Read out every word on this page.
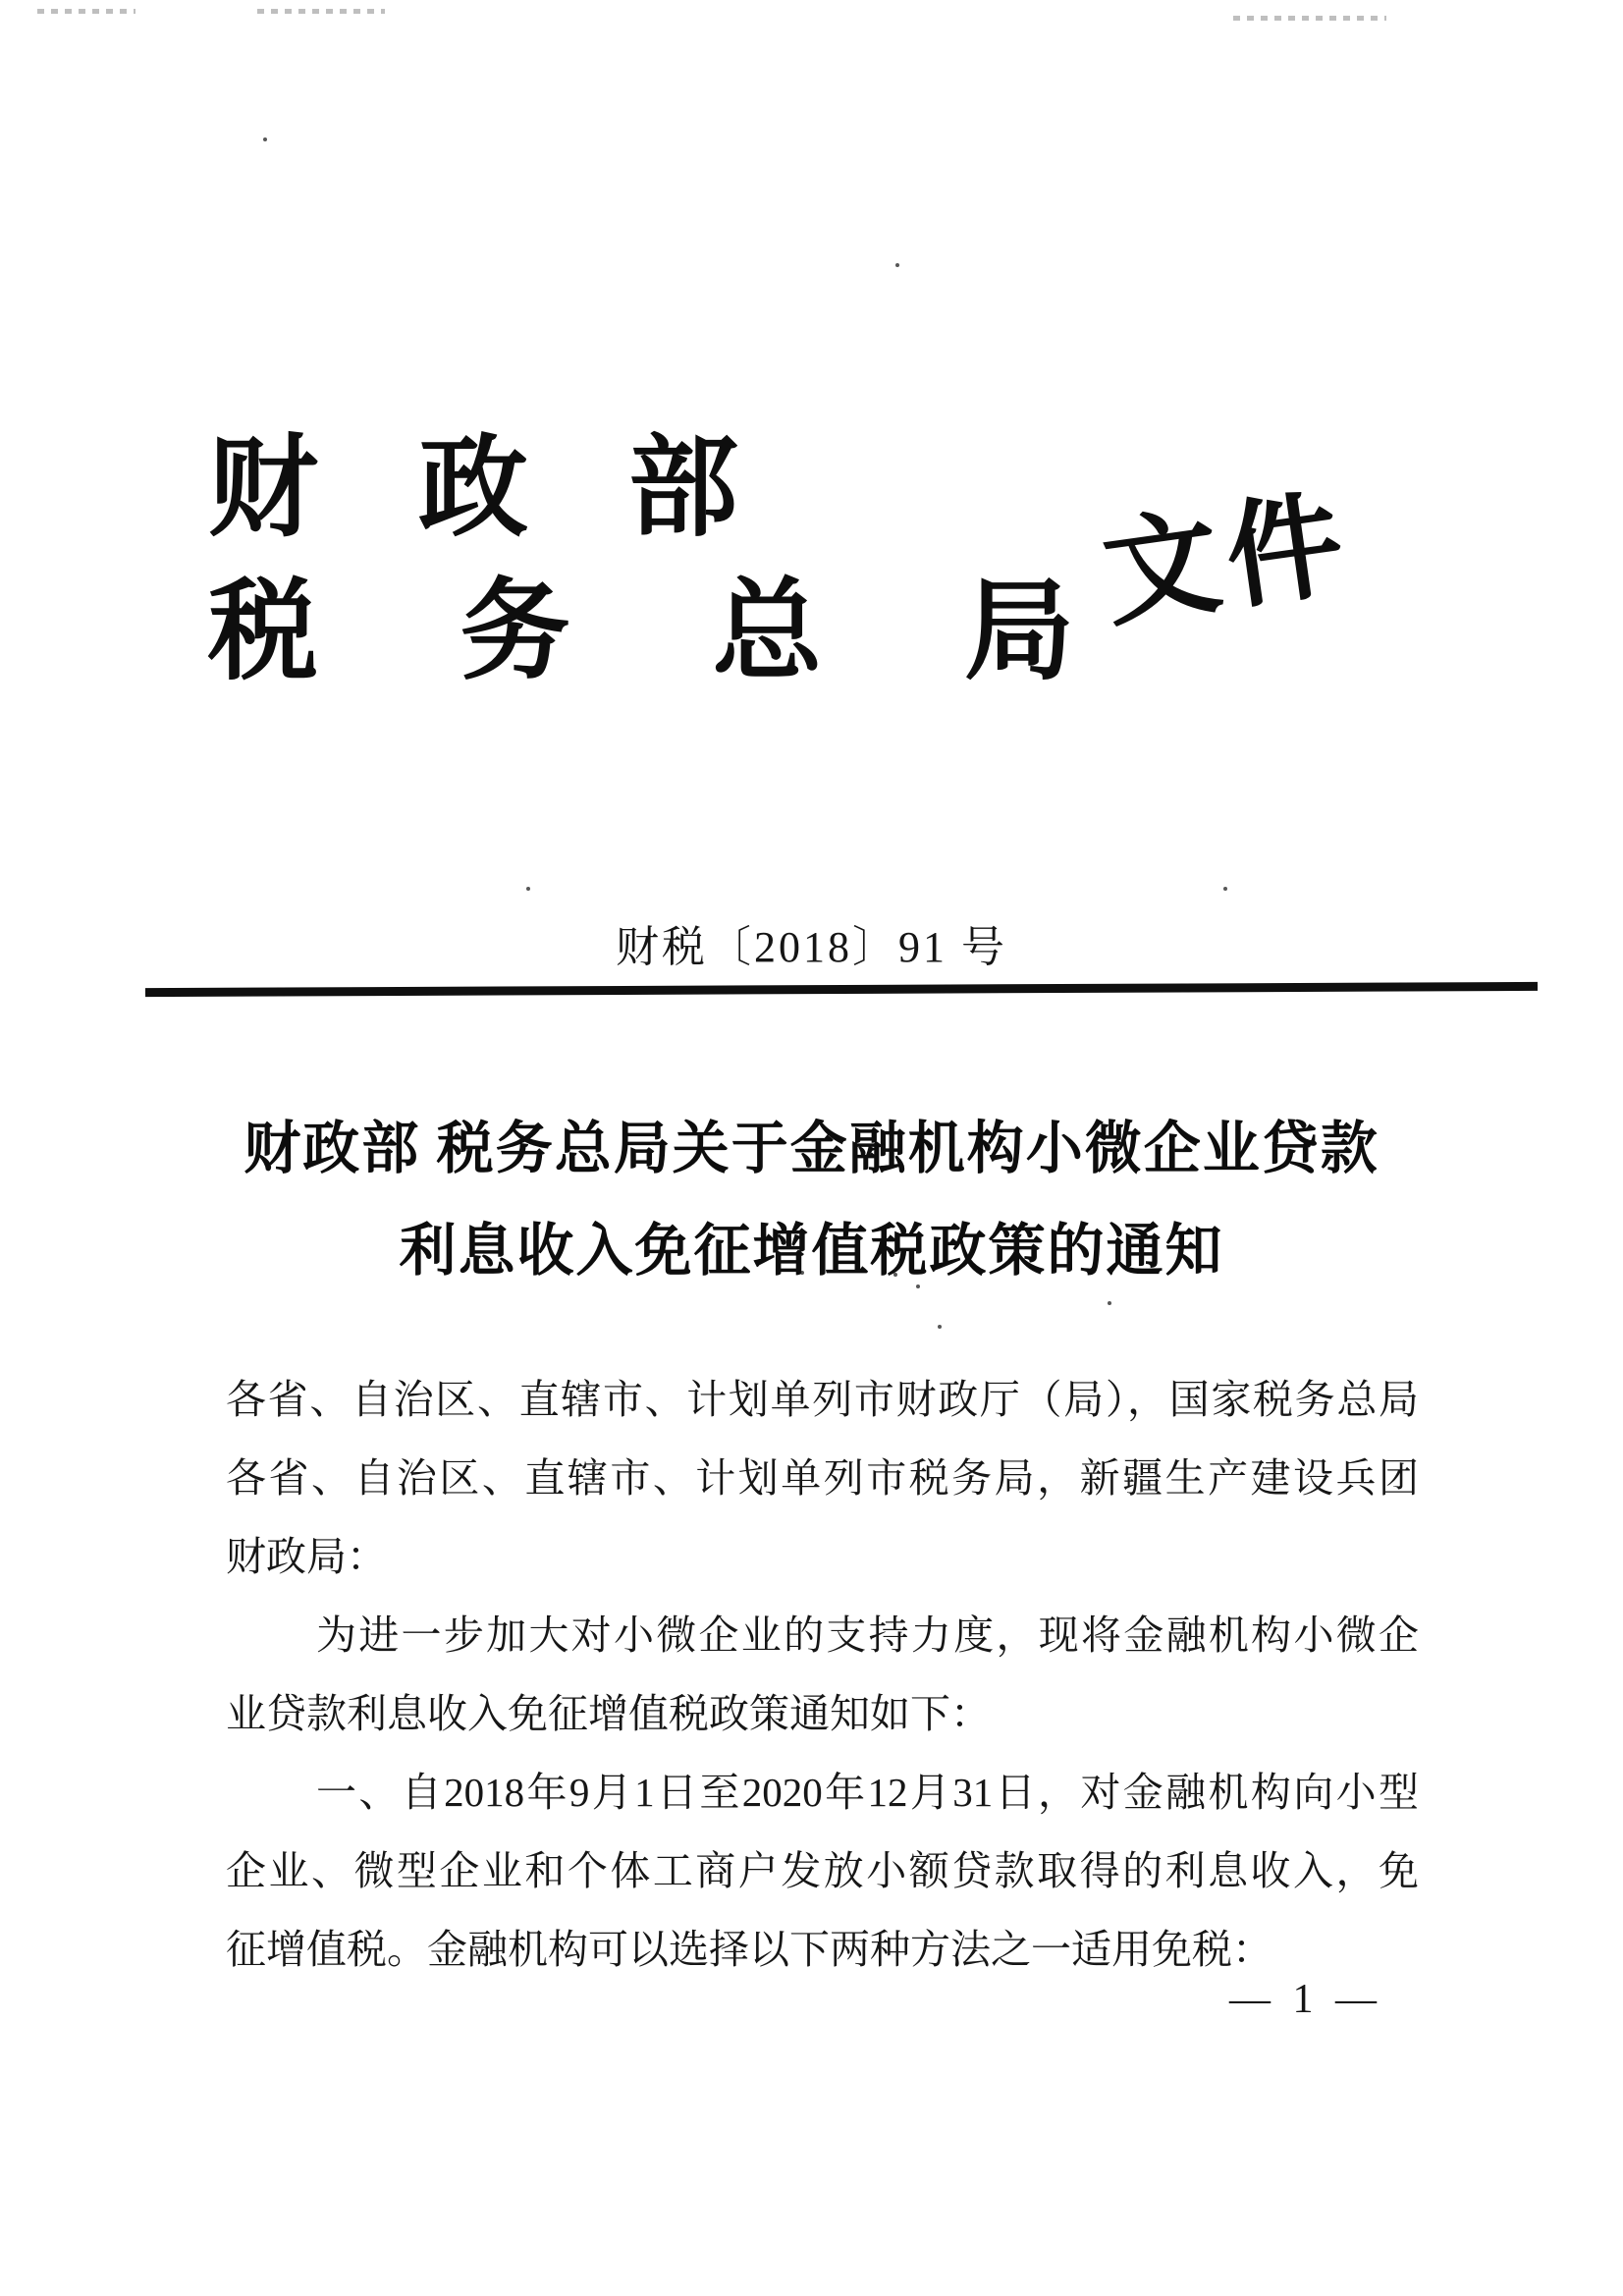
财 政 部
税 务 总 局 文件
财税〔2018〕91 号
财政部 税务总局关于金融机构小微企业贷款
利息收入免征增值税政策的通知
各省、自治区、直辖市、计划单列市财政厅（局），国家税务总局
各省、自治区、直辖市、计划单列市税务局，新疆生产建设兵团
财政局：
为进一步加大对小微企业的支持力度，现将金融机构小微企
业贷款利息收入免征增值税政策通知如下：
一、自2018年9月1日至2020年12月31日，对金融机构向小型
企业、微型企业和个体工商户发放小额贷款取得的利息收入，免
征增值税。金融机构可以选择以下两种方法之一适用免税：
— 1 —
